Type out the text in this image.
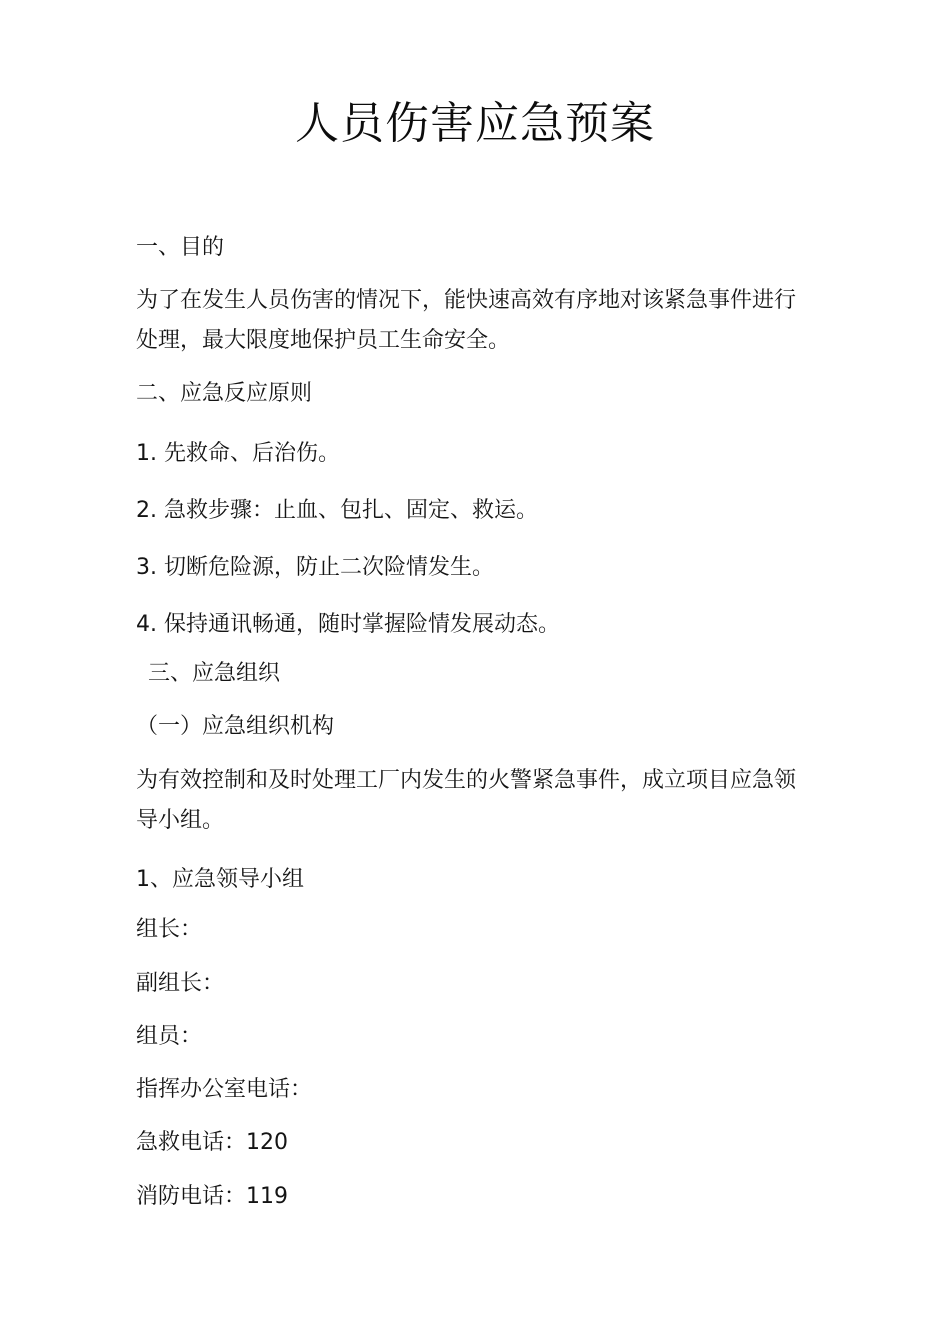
人员伤害应急预案

一、目的

为了在发生人员伤害的情况下，能快速高效有序地对该紧急事件进行

处理，最大限度地保护员工生命安全。

二、应急反应原则

1. 先救命、后治伤。

2. 急救步骤：止血、包扎、固定、救运。

3. 切断危险源，防止二次险情发生。

4. 保持通讯畅通，随时掌握险情发展动态。

三、应急组织

（一）应急组织机构

为有效控制和及时处理工厂内发生的火警紧急事件，成立项目应急领

导小组。

1、应急领导小组

组长：

副组长：

组员：

指挥办公室电话：

急救电话：120

消防电话：119
